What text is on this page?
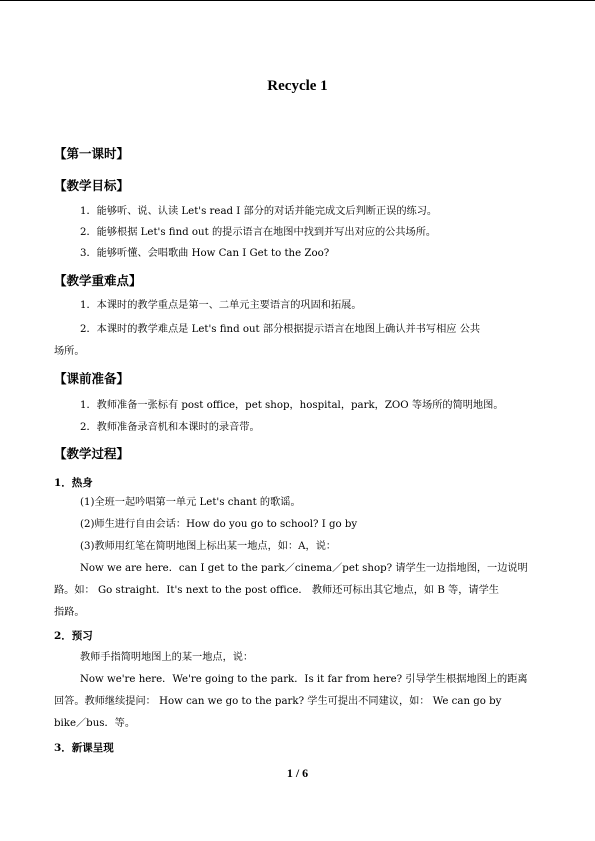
Recycle 1
【第一课时】
【教学目标】
1．能够听、说、认读 Let's read I 部分的对话并能完成文后判断正误的练习。
2．能够根据 Let's find out 的提示语言在地图中找到并写出对应的公共场所。
3．能够听懂、会唱歌曲 How Can I Get to the Zoo?
【教学重难点】
1．本课时的教学重点是第一、二单元主要语言的巩固和拓展。
2．本课时的教学难点是 Let's find out 部分根据提示语言在地图上确认并书写相应 公共
场所。
【课前准备】
1．教师准备一张标有 post office，pet shop，hospital，park，ZOO 等场所的简明地图。
2．教师准备录音机和本课时的录音带。
【教学过程】
1．热身
(1)全班一起吟唱第一单元 Let's chant 的歌谣。
(2)师生进行自由会话：How do you go to school? I go by
(3)教师用红笔在简明地图上标出某一地点，如：A，说：
Now we are here．can I get to the park／cinema／pet shop? 请学生一边指地图，一边说明
路。如： Go straight．It's next to the post office． 教师还可标出其它地点，如 B 等，请学生
指路。
2．预习
教师手指简明地图上的某一地点，说：
Now we're here．We're going to the park．Is it far from here? 引导学生根据地图上的距离
回答。教师继续提问： How can we go to the park? 学生可提出不同建议，如： We can go by
bike／bus．等。
3．新课呈现
1 / 6
